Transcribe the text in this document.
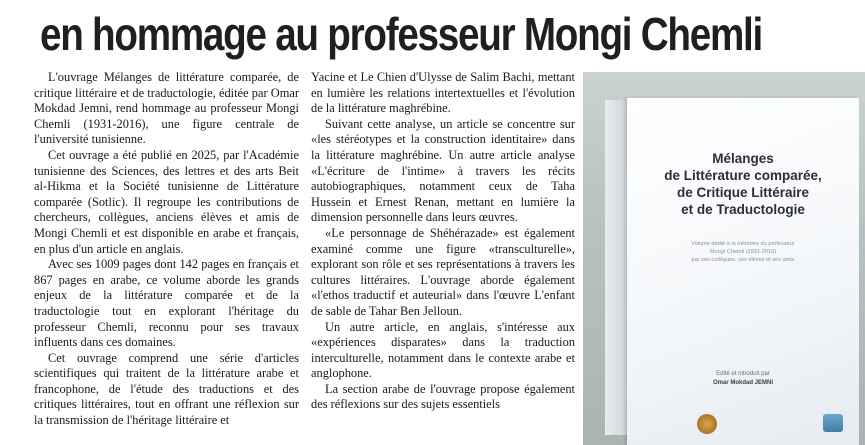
en hommage au professeur Mongi Chemli

L'ouvrage Mélanges de littérature comparée, de critique littéraire et de traductologie, éditée par Omar Mokdad Jemni, rend hommage au professeur Mongi Chemli (1931-2016), une figure centrale de l'université tunisienne.

Cet ouvrage a été publié en 2025, par l'Académie tunisienne des Sciences, des lettres et des arts Beit al-Hikma et la Société tunisienne de Littérature comparée (Sotlic). Il regroupe les contributions de chercheurs, collègues, anciens élèves et amis de Mongi Chemli et est disponible en arabe et français, en plus d'un article en anglais.

Avec ses 1009 pages dont 142 pages en français et 867 pages en arabe, ce volume aborde les grands enjeux de la littérature comparée et de la traductologie tout en explorant l'héritage du professeur Chemli, reconnu pour ses travaux influents dans ces domaines.

Cet ouvrage comprend une série d'articles scientifiques qui traitent de la littérature arabe et francophone, de l'étude des traductions et des critiques littéraires, tout en offrant une réflexion sur la transmission de l'héritage littéraire et

Yacine et Le Chien d'Ulysse de Salim Bachi, mettant en lumière les relations intertextuelles et l'évolution de la littérature maghrébine.

Suivant cette analyse, un article se concentre sur «les stéréotypes et la construction identitaire» dans la littérature maghrébine. Un autre article analyse «L'écriture de l'intime» à travers les récits autobiographiques, notamment ceux de Taha Hussein et Ernest Renan, mettant en lumière la dimension personnelle dans leurs œuvres.

«Le personnage de Shéhérazade» est également examiné comme une figure «transculturelle», explorant son rôle et ses représentations à travers les cultures littéraires. L'ouvrage aborde également «l'ethos traductif et auteurial» dans l'œuvre L'enfant de sable de Tahar Ben Jelloun.

Un autre article, en anglais, s'intéresse aux «expériences disparates» dans la traduction interculturelle, notamment dans le contexte arabe et anglophone.

La section arabe de l'ouvrage propose également des réflexions sur des sujets essentiels

Mélanges
de Littérature comparée,
de Critique Littéraire
et de Traductologie
Volume dédié à la mémoire du professeur
Mongi Chemli (1931-2016)
par ses collègues, ses élèves et ses amis
Edité et introduit par
Omar Mokdad JEMNI
